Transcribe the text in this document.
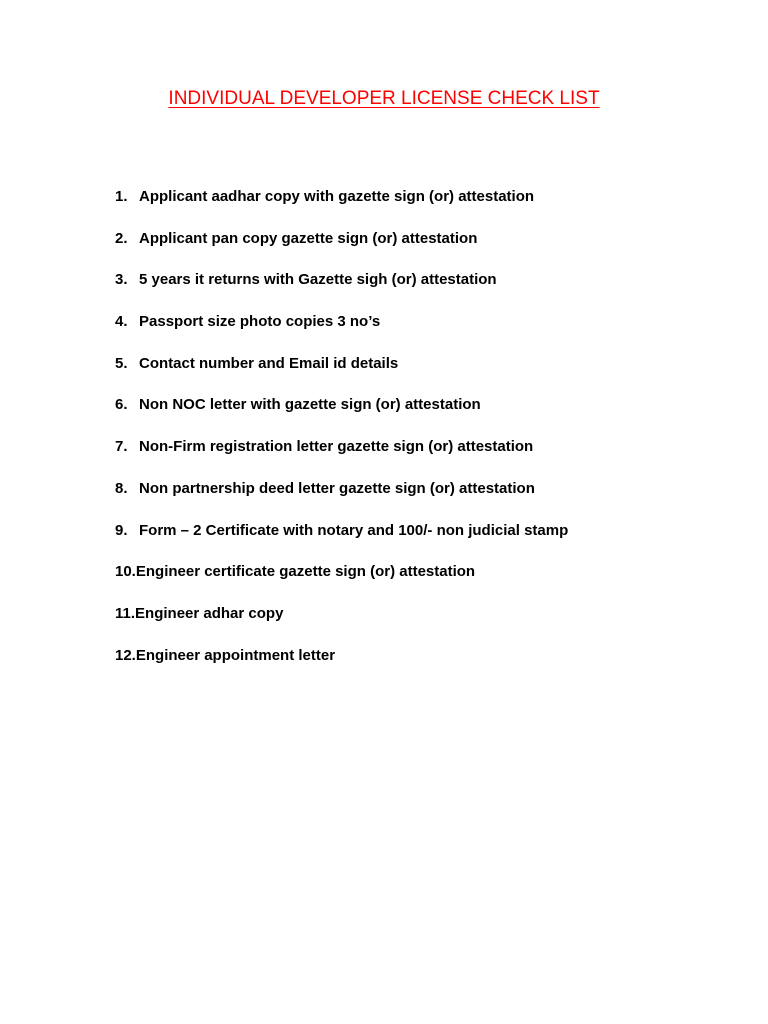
INDIVIDUAL DEVELOPER LICENSE CHECK LIST
1. Applicant aadhar copy with gazette sign (or) attestation
2. Applicant pan copy gazette sign (or) attestation
3. 5 years it returns with Gazette sigh (or) attestation
4. Passport size photo copies 3 no’s
5. Contact number and Email id details
6. Non NOC letter with gazette sign (or) attestation
7. Non-Firm registration letter gazette sign (or) attestation
8. Non partnership deed letter gazette sign (or) attestation
9. Form – 2 Certificate with notary and 100/- non judicial stamp
10. Engineer certificate gazette sign (or) attestation
11. Engineer adhar copy
12. Engineer appointment letter
